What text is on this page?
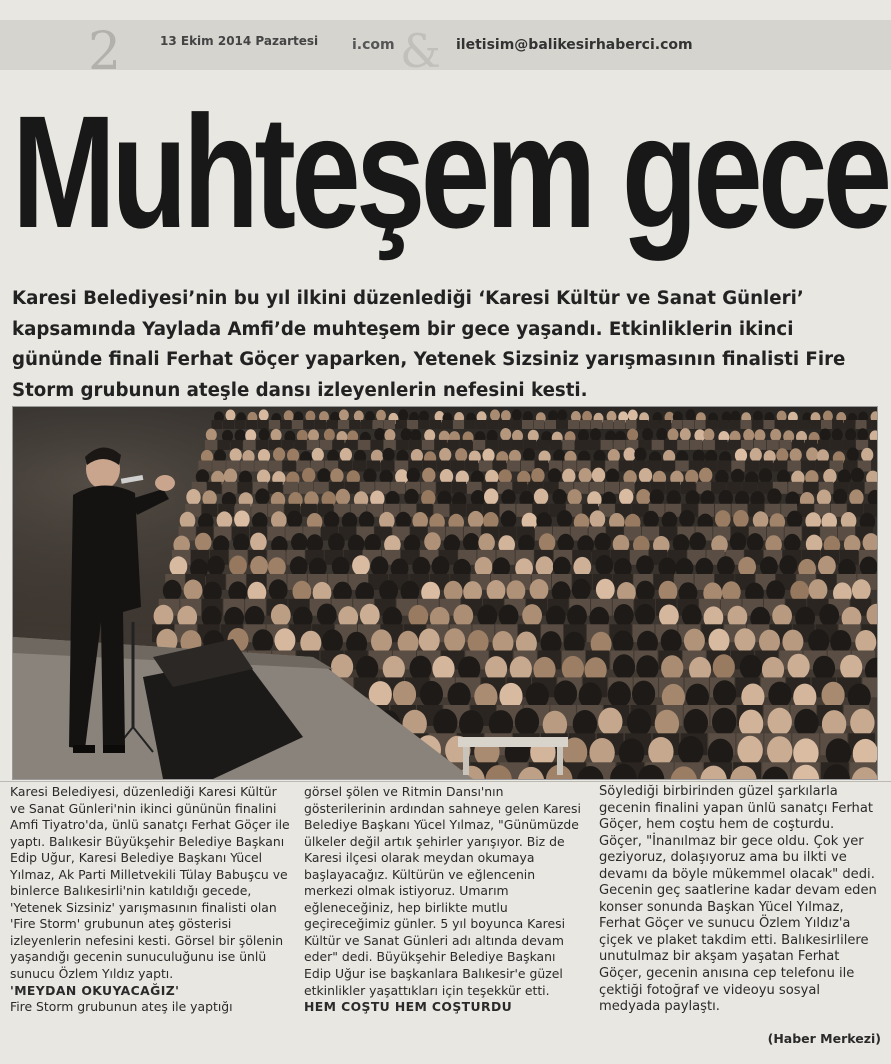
2	13 Ekim 2014 Pazartesi i.com & iletisim@balikesirhaberci.com
Muhteşem gece
Karesi Belediyesi’nin bu yıl ilkini düzenlediği ‘Karesi Kültür ve Sanat Günleri’ kapsamında Yaylada Amfi’de muhteşem bir gece yaşandı. Etkinliklerin ikinci gününde finali Ferhat Göçer yaparken, Yetenek Sizsiniz yarışmasının finalisti Fire Storm grubunun ateşle dansı izleyenlerin nefesini kesti.

Karesi Belediyesi, düzenlediği Karesi Kültür ve Sanat Günleri'nin ikinci gününün finalini Amfi Tiyatro'da, ünlü sanatçı Ferhat Göçer ile yaptı. Balıkesir Büyükşehir Belediye Başkanı Edip Uğur, Karesi Belediye Başkanı Yücel Yılmaz, Ak Parti Milletvekili Tülay Babuşcu ve binlerce Balıkesirli'nin katıldığı gecede, 'Yetenek Sizsiniz' yarışmasının finalisti olan 'Fire Storm' grubunun ateş gösterisi izleyenlerin nefesini kesti. Görsel bir şölenin yaşandığı gecenin sunuculuğunu ise ünlü sunucu Özlem Yıldız yaptı.

'MEYDAN OKUYACAĞIZ'

Fire Storm grubunun ateş ile yaptığı

görsel şölen ve Ritmin Dansı'nın gösterilerinin ardından sahneye gelen Karesi Belediye Başkanı Yücel Yılmaz, "Günümüzde ülkeler değil artık şehirler yarışıyor. Biz de Karesi ilçesi olarak meydan okumaya başlayacağız. Kültürün ve eğlencenin merkezi olmak istiyoruz. Umarım eğleneceğiniz, hep birlikte mutlu geçireceğimiz günler. 5 yıl boyunca Karesi Kültür ve Sanat Günleri adı altında devam eder" dedi. Büyükşehir Belediye Başkanı Edip Uğur ise başkanlara Balıkesir'e güzel etkinlikler yaşattıkları için teşekkür etti.

HEM COŞTU HEM COŞTURDU

Söylediği birbirinden güzel şarkılarla gecenin finalini yapan ünlü sanatçı Ferhat Göçer, hem coştu hem de coşturdu. Göçer, "İnanılmaz bir gece oldu. Çok yer geziyoruz, dolaşıyoruz ama bu ilkti ve devamı da böyle mükemmel olacak" dedi. Gecenin geç saatlerine kadar devam eden konser sonunda Başkan Yücel Yılmaz, Ferhat Göçer ve sunucu Özlem Yıldız'a çiçek ve plaket takdim etti. Balıkesirlilere unutulmaz bir akşam yaşatan Ferhat Göçer, gecenin anısına cep telefonu ile çektiği fotoğraf ve videoyu sosyal medyada paylaştı.

(Haber Merkezi)
